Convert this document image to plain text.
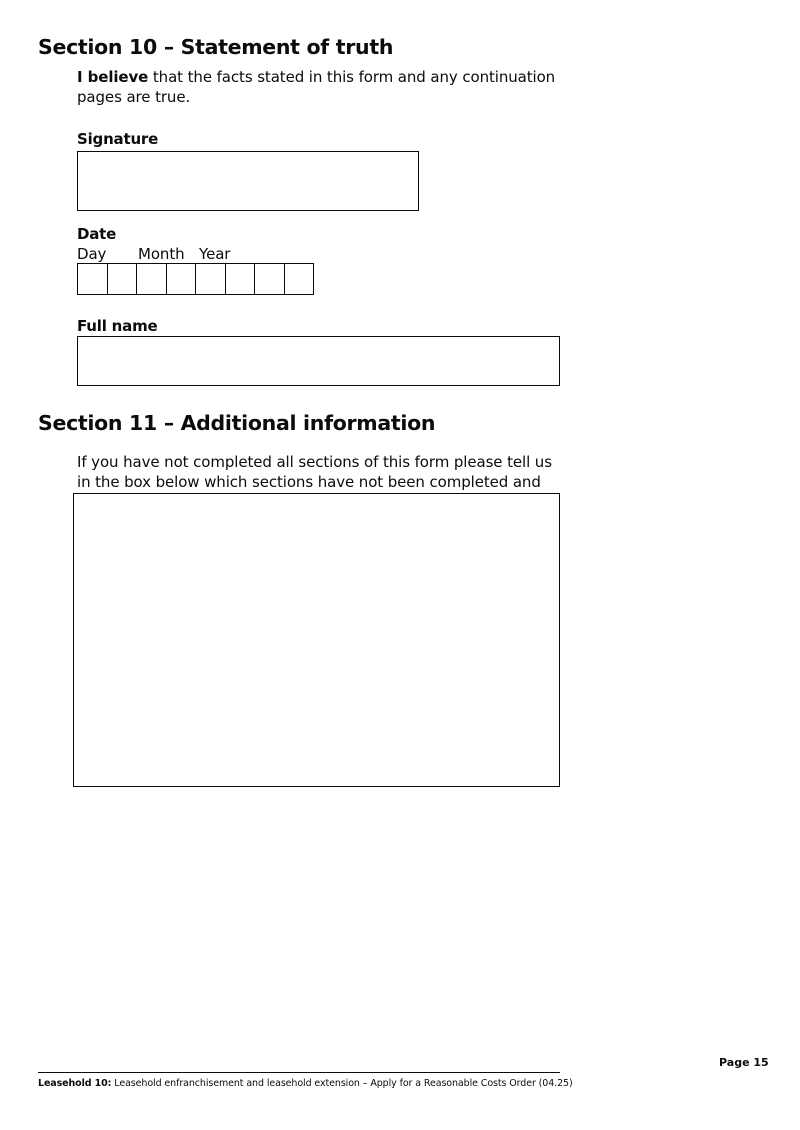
Section 10 – Statement of truth
I believe that the facts stated in this form and any continuation pages are true.
Signature
Date
Day Month Year
Full name
Section 11 – Additional information
If you have not completed all sections of this form please tell us in the box below which sections have not been completed and
Page 15
Leasehold 10: Leasehold enfranchisement and leasehold extension – Apply for a Reasonable Costs Order (04.25)
